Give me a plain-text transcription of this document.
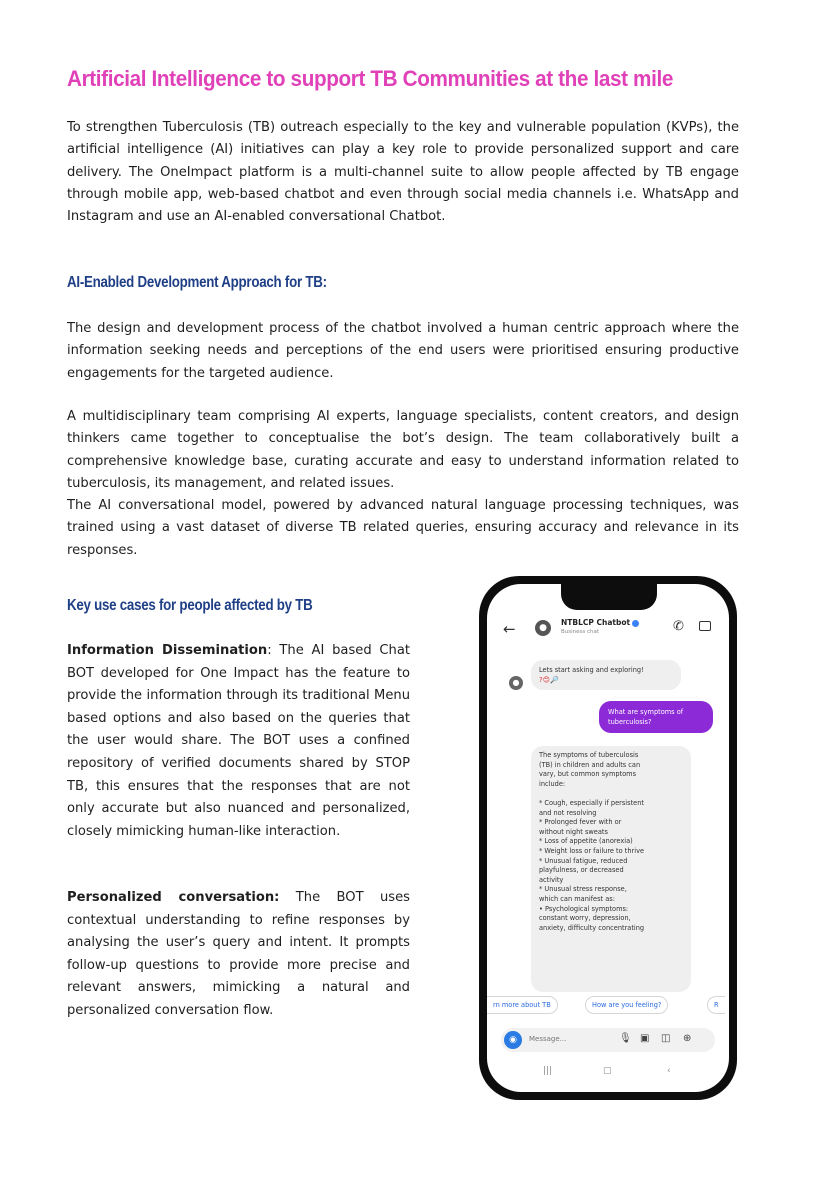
Artificial Intelligence to support TB Communities at the last mile
To strengthen Tuberculosis (TB) outreach especially to the key and vulnerable population (KVPs), the artificial intelligence (AI) initiatives can play a key role to provide personalized support and care delivery. The OneImpact platform is a multi-channel suite to allow people affected by TB engage through mobile app, web-based chatbot and even through social media channels i.e. WhatsApp and Instagram and use an AI-enabled conversational Chatbot.
AI-Enabled Development Approach for TB:
The design and development process of the chatbot involved a human centric approach where the information seeking needs and perceptions of the end users were prioritised ensuring productive engagements for the targeted audience.
A multidisciplinary team comprising AI experts, language specialists, content creators, and design thinkers came together to conceptualise the bot’s design. The team collaboratively built a comprehensive knowledge base, curating accurate and easy to understand information related to tuberculosis, its management, and related issues.
The AI conversational model, powered by advanced natural language processing techniques, was trained using a vast dataset of diverse TB related queries, ensuring accuracy and relevance in its responses.
Key use cases for people affected by TB
Information Dissemination: The AI based Chat BOT developed for One Impact has the feature to provide the information through its traditional Menu based options and also based on the queries that the user would share. The BOT uses a confined repository of verified documents shared by STOP TB, this ensures that the responses that are not only accurate but also nuanced and personalized, closely mimicking human-like interaction.
Personalized conversation: The BOT uses contextual understanding to refine responses by analysing the user’s query and intent. It prompts follow-up questions to provide more precise and relevant answers, mimicking a natural and personalized conversation flow.
←	●
NTBLCP Chatbot
Business chat	✆
Lets start asking and exploring!
?😊🔎
●
What are symptoms of tuberculosis?
The symptoms of tuberculosis
(TB) in children and adults can
vary, but common symptoms
include:

* Cough, especially if persistent
and not resolving
* Prolonged fever with or
without night sweats
* Loss of appetite (anorexia)
* Weight loss or failure to thrive
* Unusual fatigue, reduced
playfulness, or decreased
activity
* Unusual stress response,
which can manifest as:
• Psychological symptoms:
constant worry, depression,
anxiety, difficulty concentrating
rn more about TB	How are you feeling?	R
◉
Message...	🎙 ▣ ◫ ⊕
|||	▢	‹
